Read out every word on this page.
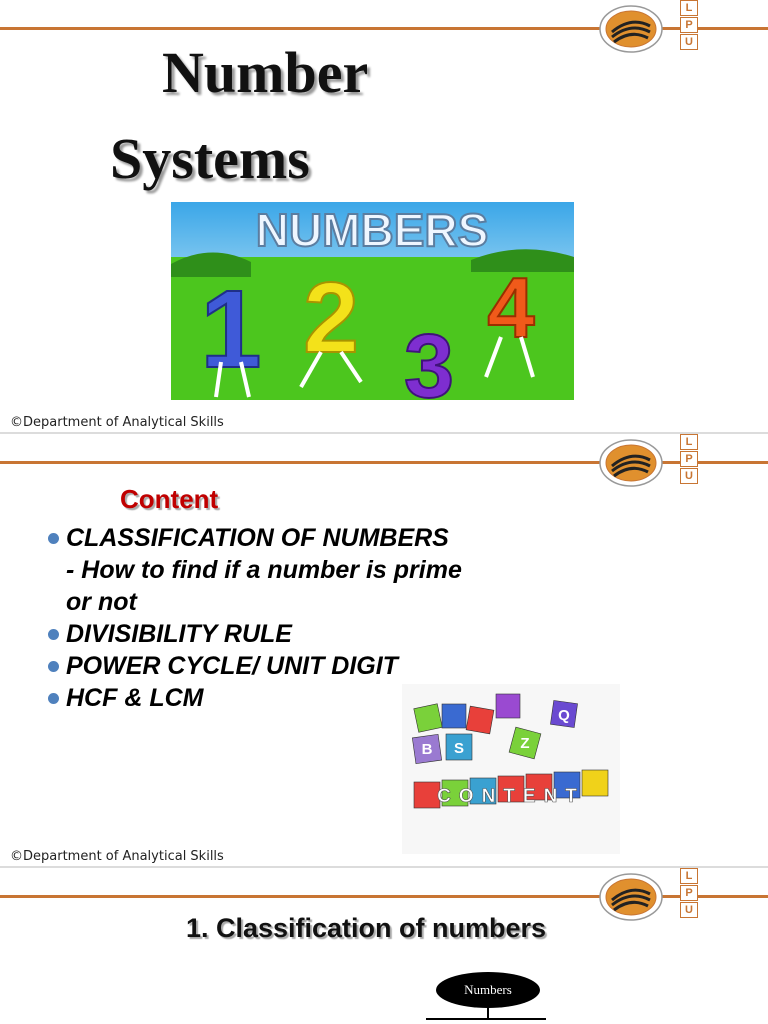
L
P
U
Number
Systems
NUMBERS
1 2 3
4
©Department of Analytical Skills
L
P
U
Content
CLASSIFICATION OF NUMBERS
- How to find if a number is prime
or not
DIVISIBILITY RULE
POWER CYCLE/ UNIT DIGIT
HCF & LCM
B S	Z
Q
CONTENT
©Department of Analytical Skills
L
P
U
1. Classification of numbers
Numbers
